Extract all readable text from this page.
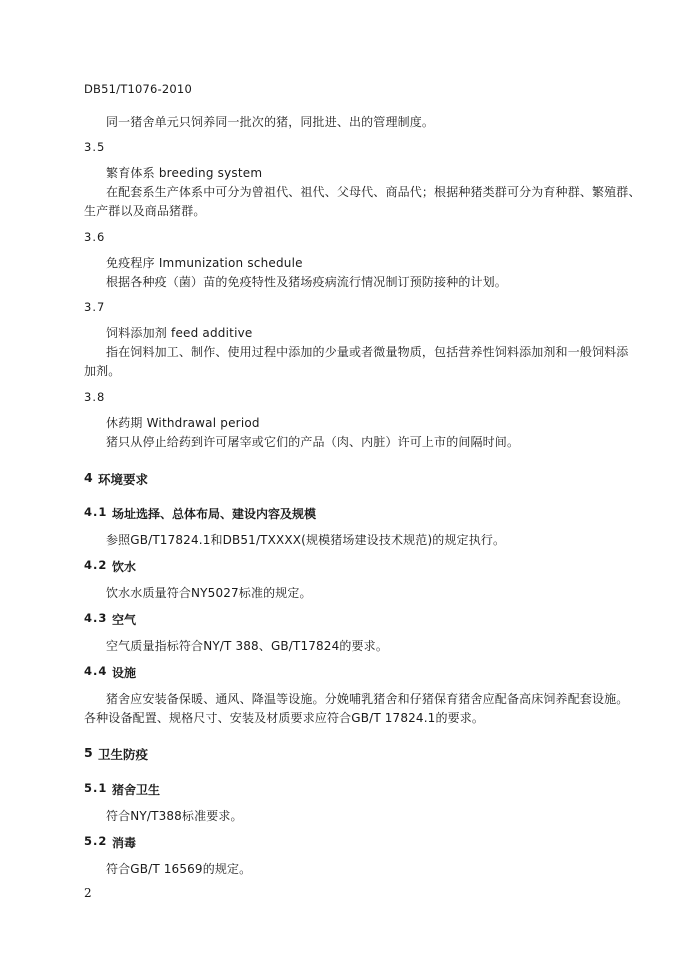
DB51/T1076-2010
同一猪舍单元只饲养同一批次的猪，同批进、出的管理制度。
3.5
繁育体系 breeding system
在配套系生产体系中可分为曾祖代、祖代、父母代、商品代；根据种猪类群可分为育种群、繁殖群、
生产群以及商品猪群。
3.6
免疫程序 Immunization schedule
根据各种疫（菌）苗的免疫特性及猪场疫病流行情况制订预防接种的计划。
3.7
饲料添加剂 feed additive
指在饲料加工、制作、使用过程中添加的少量或者微量物质，包括营养性饲料添加剂和一般饲料添
加剂。
3.8
休药期 Withdrawal period
猪只从停止给药到许可屠宰或它们的产品（肉、内脏）许可上市的间隔时间。
4 环境要求
4.1 场址选择、总体布局、建设内容及规模
参照GB/T17824.1和DB51/TXXXX(规模猪场建设技术规范)的规定执行。
4.2 饮水
饮水水质量符合NY5027标准的规定。
4.3 空气
空气质量指标符合NY/T 388、GB/T17824的要求。
4.4 设施
猪舍应安装备保暖、通风、降温等设施。分娩哺乳猪舍和仔猪保育猪舍应配备高床饲养配套设施。
各种设备配置、规格尺寸、安装及材质要求应符合GB/T 17824.1的要求。
5 卫生防疫
5.1 猪舍卫生
符合NY/T388标准要求。
5.2 消毒
符合GB/T 16569的规定。
2
